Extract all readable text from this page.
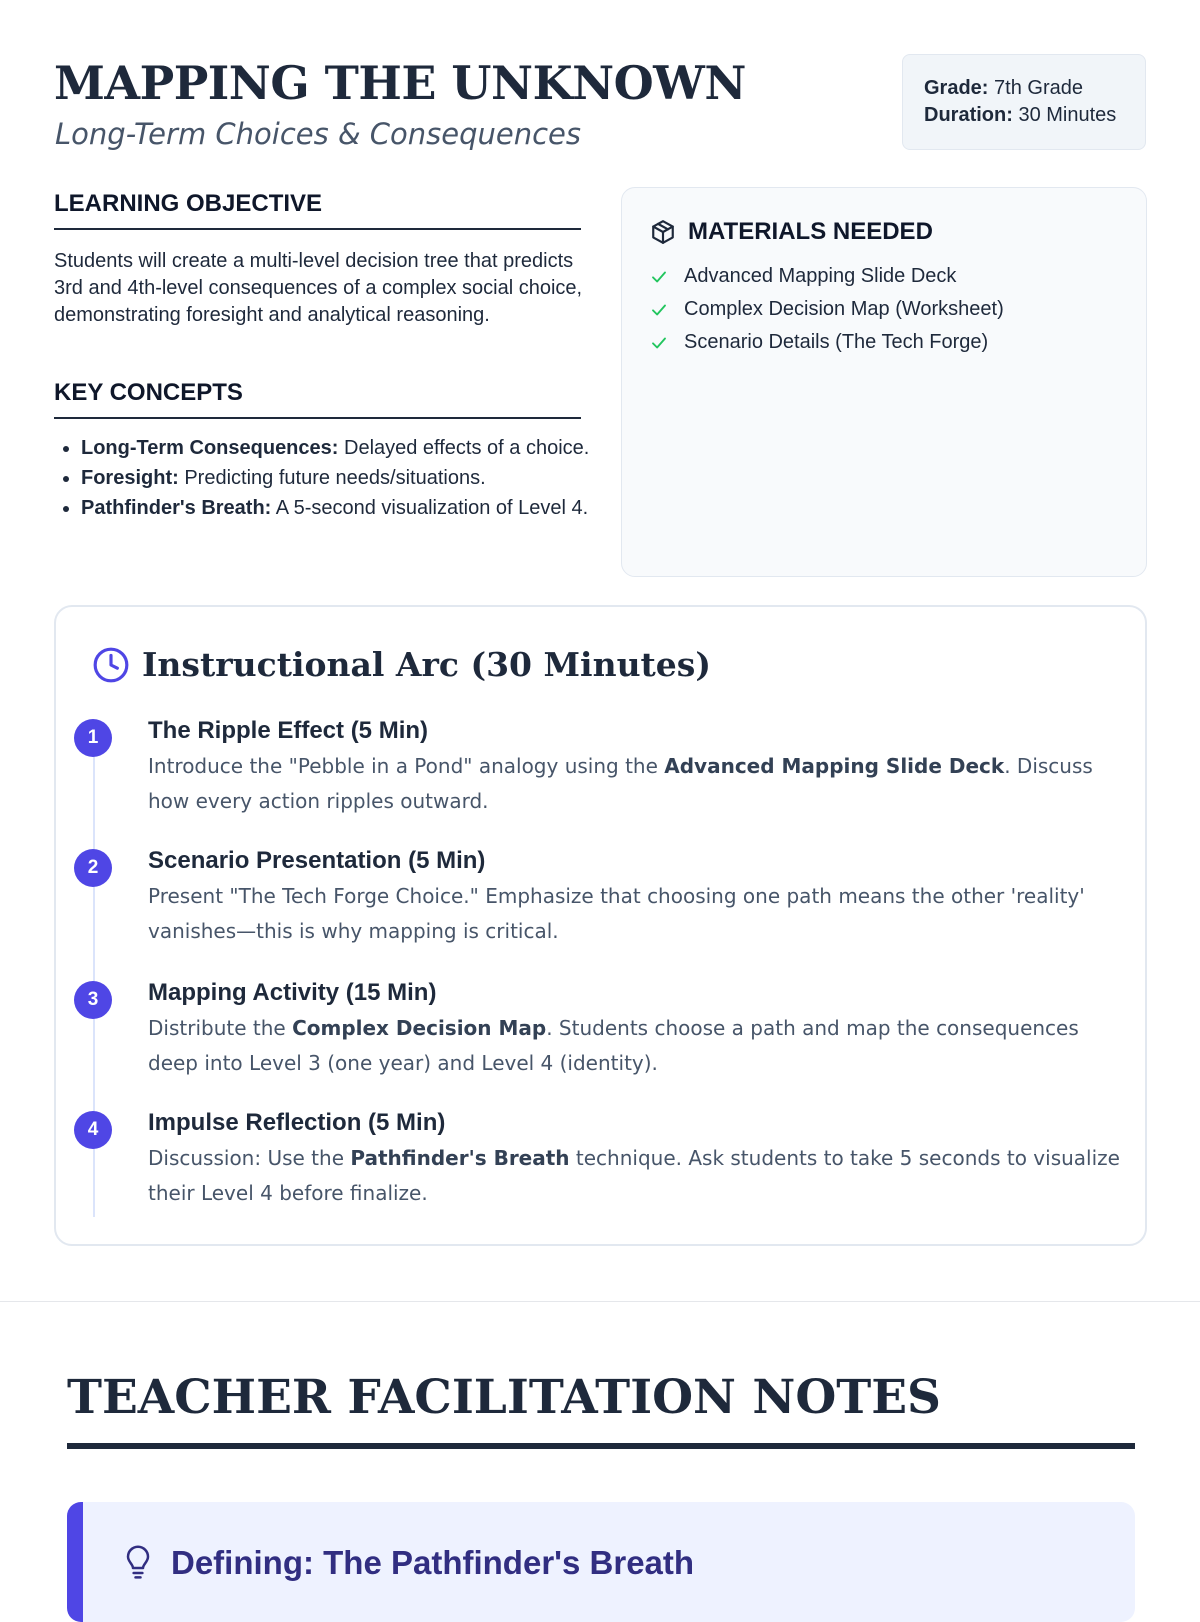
MAPPING THE UNKNOWN
Long-Term Choices & Consequences
Grade: 7th Grade
Duration: 30 Minutes
LEARNING OBJECTIVE

Students will create a multi-level decision tree that predicts 3rd and 4th-level consequences of a complex social choice, demonstrating foresight and analytical reasoning.

KEY CONCEPTS
• Long-Term Consequences: Delayed effects of a choice.
• Foresight: Predicting future needs/situations.
• Pathfinder's Breath: A 5-second visualization of Level 4.
MATERIALS NEEDED
Advanced Mapping Slide Deck
Complex Decision Map (Worksheet)
Scenario Details (The Tech Forge)
Instructional Arc (30 Minutes)
1	The Ripple Effect (5 Min)

Introduce the "Pebble in a Pond" analogy using the Advanced Mapping Slide Deck. Discuss how every action ripples outward.

2	Scenario Presentation (5 Min)

Present "The Tech Forge Choice." Emphasize that choosing one path means the other 'reality' vanishes—this is why mapping is critical.

3	Mapping Activity (15 Min)

Distribute the Complex Decision Map. Students choose a path and map the consequences deep into Level 3 (one year) and Level 4 (identity).

4	Impulse Reflection (5 Min)

Discussion: Use the Pathfinder's Breath technique. Ask students to take 5 seconds to visualize their Level 4 before finalize.

TEACHER FACILITATION NOTES
Defining: The Pathfinder's Breath
